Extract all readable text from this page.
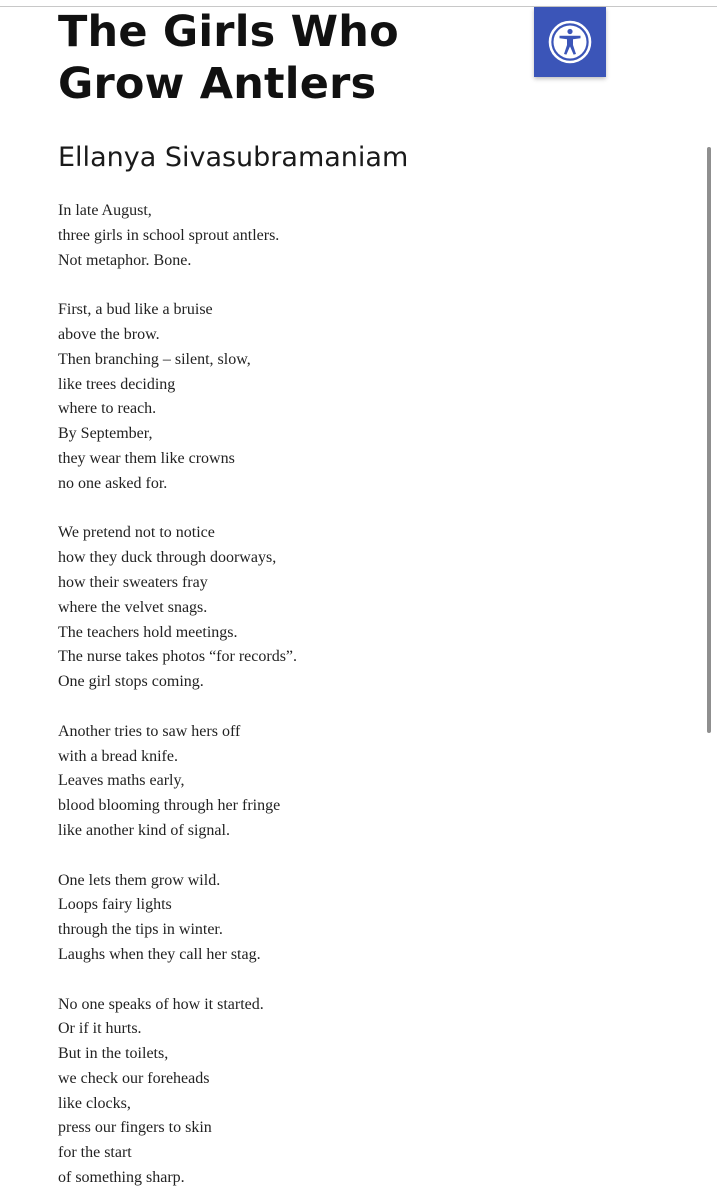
The Girls Who Grow Antlers
Ellanya Sivasubramaniam

In late August,
three girls in school sprout antlers.
Not metaphor. Bone.

First, a bud like a bruise
above the brow.
Then branching – silent, slow,
like trees deciding
where to reach.
By September,
they wear them like crowns
no one asked for.

We pretend not to notice
how they duck through doorways,
how their sweaters fray
where the velvet snags.
The teachers hold meetings.
The nurse takes photos “for records”.
One girl stops coming.

Another tries to saw hers off
with a bread knife.
Leaves maths early,
blood blooming through her fringe
like another kind of signal.

One lets them grow wild.
Loops fairy lights
through the tips in winter.
Laughs when they call her stag.

No one speaks of how it started.
Or if it hurts.
But in the toilets,
we check our foreheads
like clocks,
press our fingers to skin
for the start
of something sharp.
